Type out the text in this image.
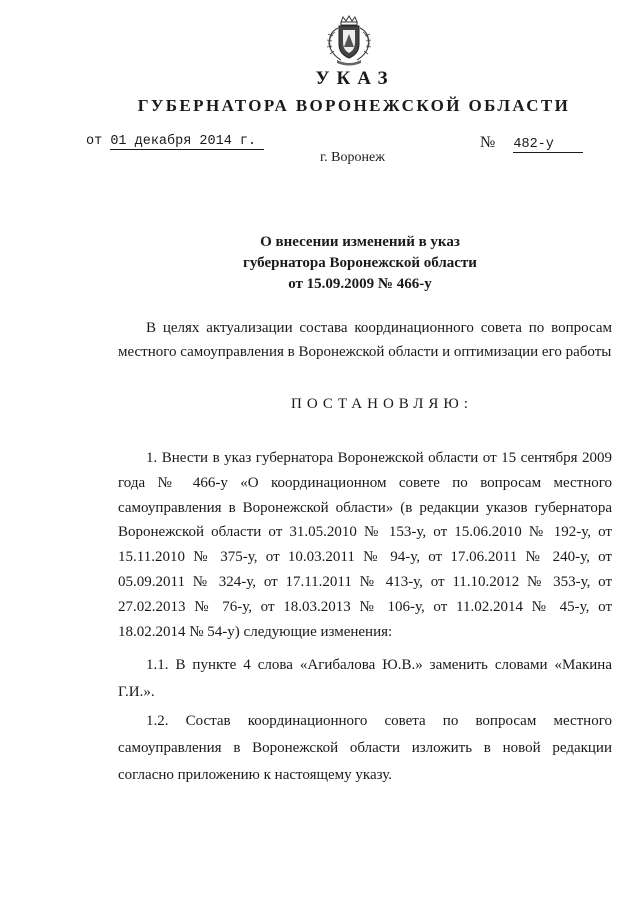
УКАЗ
ГУБЕРНАТОРА ВОРОНЕЖСКОЙ ОБЛАСТИ
от 01 декабря 2014 г.	№ 482-у
г. Воронеж
О внесении изменений в указ
губернатора Воронежской области
от 15.09.2009 № 466-у
В целях актуализации состава координационного совета по вопросам местного самоуправления в Воронежской области и оптимизации его работы
ПОСТАНОВЛЯЮ:
1. Внести в указ губернатора Воронежской области от 15 сентября 2009 года № 466-у «О координационном совете по вопросам местного самоуправления в Воронежской области» (в редакции указов губернатора Воронежской области от 31.05.2010 № 153-у, от 15.06.2010 № 192-у, от 15.11.2010 № 375-у, от 10.03.2011 № 94-у, от 17.06.2011 № 240-у, от 05.09.2011 № 324-у, от 17.11.2011 № 413-у, от 11.10.2012 № 353-у, от 27.02.2013 № 76-у, от 18.03.2013 № 106-у, от 11.02.2014 № 45-у, от 18.02.2014 № 54-у) следующие изменения:
1.1. В пункте 4 слова «Агибалова Ю.В.» заменить словами «Макина Г.И.».
1.2. Состав координационного совета по вопросам местного самоуправления в Воронежской области изложить в новой редакции согласно приложению к настоящему указу.
